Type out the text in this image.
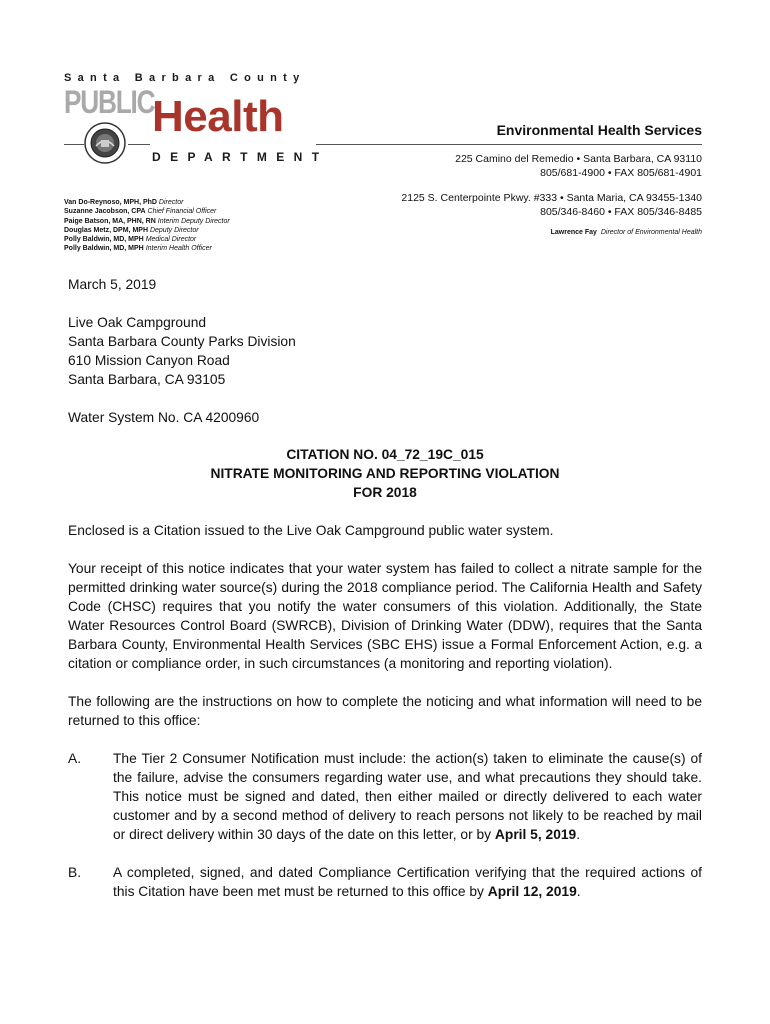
Santa Barbara County
PUBLIC
Health
DEPARTMENT
Environmental Health Services
225 Camino del Remedio • Santa Barbara, CA 93110
805/681-4900 • FAX 805/681-4901
2125 S. Centerpointe Pkwy. #333 • Santa Maria, CA 93455-1340
805/346-8460 • FAX 805/346-8485
Lawrence Fay Director of Environmental Health
Van Do-Reynoso, MPH, PhD Director
Suzanne Jacobson, CPA Chief Financial Officer
Paige Batson, MA, PHN, RN Interim Deputy Director
Douglas Metz, DPM, MPH Deputy Director
Polly Baldwin, MD, MPH Medical Director
Polly Baldwin, MD, MPH Interim Health Officer
March 5, 2019
Live Oak Campground
Santa Barbara County Parks Division
610 Mission Canyon Road
Santa Barbara, CA 93105
Water System No. CA 4200960
CITATION NO. 04_72_19C_015
NITRATE MONITORING AND REPORTING VIOLATION
FOR 2018
Enclosed is a Citation issued to the Live Oak Campground public water system.
Your receipt of this notice indicates that your water system has failed to collect a nitrate sample for the permitted drinking water source(s) during the 2018 compliance period. The California Health and Safety Code (CHSC) requires that you notify the water consumers of this violation. Additionally, the State Water Resources Control Board (SWRCB), Division of Drinking Water (DDW), requires that the Santa Barbara County, Environmental Health Services (SBC EHS) issue a Formal Enforcement Action, e.g. a citation or compliance order, in such circumstances (a monitoring and reporting violation).
The following are the instructions on how to complete the noticing and what information will need to be returned to this office:
A. The Tier 2 Consumer Notification must include: the action(s) taken to eliminate the cause(s) of the failure, advise the consumers regarding water use, and what precautions they should take. This notice must be signed and dated, then either mailed or directly delivered to each water customer and by a second method of delivery to reach persons not likely to be reached by mail or direct delivery within 30 days of the date on this letter, or by April 5, 2019.
B. A completed, signed, and dated Compliance Certification verifying that the required actions of this Citation have been met must be returned to this office by April 12, 2019.
